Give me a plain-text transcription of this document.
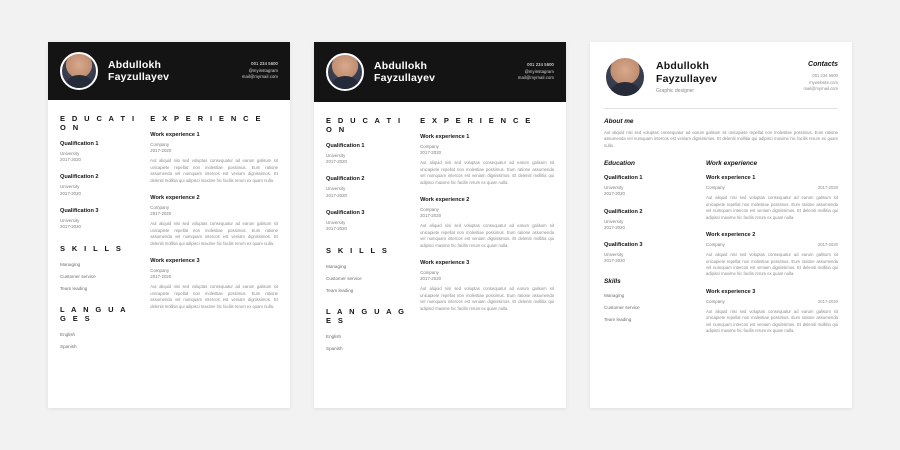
Abdullokh
Fayzullayev
001 234 5600
@myinstagram
mail@myrnail.com
E D U C A T I O N
Qualification 1
University
2017-2020
Qualification 2
University
2017-2020
Qualification 3
University
2017-2020
S K I L L S
Managing
Customer service
Team leading
L A N G U A G E S
English
Spanish
E X P E R I E N C E
Work experience 1
Company
2017-2020
Aut aliquid nisi sed voluptas consequatur ad earum galisum sit unicapiete repellat non molestiae possimus. Eum ratione assumenda vel numquam intercos est veniam dignissimos. Et deleniti mollitia qui adipisci maxime hic facilis rerum ex quam nulla.
Work experience 2
Company
2017-2020
Aut aliquid nisi sed voluptas consequatur ad earum galisum sit unicapiete repellat non molestiae possimus. Eum ratione assumenda vel numquam intercos est veniam dignissimos. Et deleniti mollitia qui adipisci maxime hic facilis rerum ex quam nulla.
Work experience 3
Company
2017-2020
Aut aliquid nisi sed voluptas consequatur ad earum galisum sit unicapiete repellat non molestiae possimus. Eum ratione assumenda vel numquam intercos est veniam dignissimos. Et deleniti mollitia qui adipisci maxime hic facilis rerum ex quam nulla.
Abdullokh
Fayzullayev
001 234 5600
@myinstagram
mail@myrnail.com
E D U C A T I O N
Qualification 1
University
2017-2020
Qualification 2
University
2017-2020
Qualification 3
University
2017-2020
S K I L L S
Managing
Customer service
Team leading
L A N G U A G E S
English
Spanish
E X P E R I E N C E
Work experience 1
Company
2017-2020
Aut aliquid nisi sed voluptas consequatur ad earum galisum sit unicapiete repellat non molestiae possimus. Eum ratione assumenda vel numquam intercos est veniam dignissimos. Et deleniti mollitia qui adipisci maxime hic facilis rerum ex quam nulla.
Work experience 2
Company
2017-2020
Aut aliquid nisi sed voluptas consequatur ad earum galisum sit unicapiete repellat non molestiae possimus. Eum ratione assumenda vel numquam intercos est veniam dignissimos. Et deleniti mollitia qui adipisci maxime hic facilis rerum ex quam nulla.
Work experience 3
Company
2017-2020
Aut aliquid nisi sed voluptas consequatur ad earum galisum sit unicapiete repellat non molestiae possimus. Eum ratione assumenda vel numquam intercos est veniam dignissimos. Et deleniti mollitia qui adipisci maxime hic facilis rerum ex quam nulla.
Abdullokh
Fayzullayev
Graphic designer
Contacts
001 234 5600
mywebsite.com
mail@myrnail.com
About me
Aut aliquid nisi sed voluptas consequatur ad earum galisum sit unicapiete repellat non molestiae possimus. Eum ratione assumenda vel numquam intercos est veniam dignissimos. Et deleniti mollitia qui adipisci maxime hic facilis rerum ex quam nulla.
Education
Qualification 1
University
2017-2020
Qualification 2
University
2017-2020
Qualification 3
University
2017-2020
Skills
Managing
Customer service
Team leading
Work experience
Work experience 1
Company	2017-2020
Aut aliquid nisi sed voluptas consequatur ad earum galisum sit unicapiete repellat non molestiae possimus. Eum ratione assumenda vel numquam intercos est veniam dignissimos. Et deleniti mollitia qui adipisci maxime hic facilis rerum ex quam nulla.
Work experience 2
Company	2017-2020
Aut aliquid nisi sed voluptas consequatur ad earum galisum sit unicapiete repellat non molestiae possimus. Eum ratione assumenda vel numquam intercos est veniam dignissimos. Et deleniti mollitia qui adipisci maxime hic facilis rerum ex quam nulla.
Work experience 3
Company	2017-2020
Aut aliquid nisi sed voluptas consequatur ad earum galisum sit unicapiete repellat non molestiae possimus. Eum ratione assumenda vel numquam intercos est veniam dignissimos. Et deleniti mollitia qui adipisci maxime hic facilis rerum ex quam nulla.
